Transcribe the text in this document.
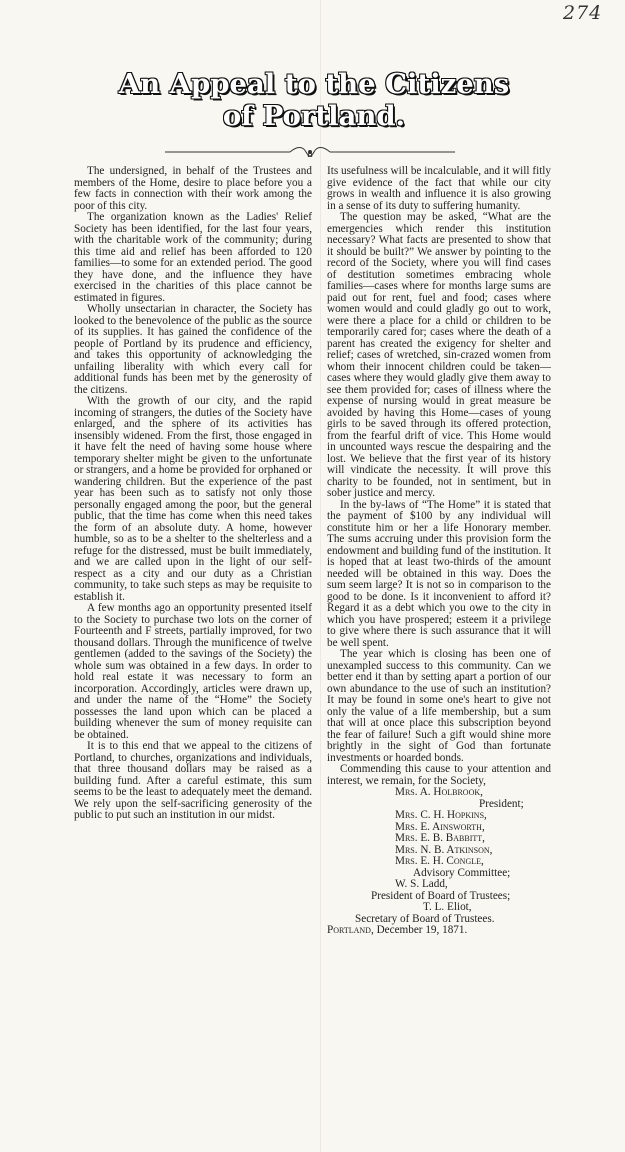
274
An Appeal to the Citizens
of Portland.

The undersigned, in behalf of the Trustees and members of the Home, desire to place before you a few facts in connection with their work among the poor of this city.

The organization known as the Ladies' Relief Society has been identified, for the last four years, with the charitable work of the community; during this time aid and relief has been afforded to 120 families—to some for an extended period. The good they have done, and the influence they have exercised in the charities of this place cannot be estimated in figures.

Wholly unsectarian in character, the Society has looked to the benevolence of the public as the source of its supplies. It has gained the confidence of the people of Portland by its prudence and efficiency, and takes this opportunity of acknowledging the unfailing liberality with which every call for additional funds has been met by the generosity of the citizens.

With the growth of our city, and the rapid incoming of strangers, the duties of the Society have enlarged, and the sphere of its activities has insensibly widened. From the first, those engaged in it have felt the need of having some house where temporary shelter might be given to the unfortunate or strangers, and a home be provided for orphaned or wandering children. But the experience of the past year has been such as to satisfy not only those personally engaged among the poor, but the general public, that the time has come when this need takes the form of an absolute duty. A home, however humble, so as to be a shelter to the shelterless and a refuge for the distressed, must be built immediately, and we are called upon in the light of our self-respect as a city and our duty as a Christian community, to take such steps as may be requisite to establish it.

A few months ago an opportunity presented itself to the Society to purchase two lots on the corner of Fourteenth and F streets, partially improved, for two thousand dollars. Through the munificence of twelve gentlemen (added to the savings of the Society) the whole sum was obtained in a few days. In order to hold real estate it was necessary to form an incorporation. Accordingly, articles were drawn up, and under the name of the “Home” the Society possesses the land upon which can be placed a building whenever the sum of money requisite can be obtained.

It is to this end that we appeal to the citizens of Portland, to churches, organizations and individuals, that three thousand dollars may be raised as a building fund. After a careful estimate, this sum seems to be the least to adequately meet the demand. We rely upon the self-sacrificing generosity of the public to put such an institution in our midst.

Its usefulness will be incalculable, and it will fitly give evidence of the fact that while our city grows in wealth and influence it is also growing in a sense of its duty to suffering humanity.

The question may be asked, “What are the emergencies which render this institution necessary? What facts are presented to show that it should be built?” We answer by pointing to the record of the Society, where you will find cases of destitution sometimes embracing whole families—cases where for months large sums are paid out for rent, fuel and food; cases where women would and could gladly go out to work, were there a place for a child or children to be temporarily cared for; cases where the death of a parent has created the exigency for shelter and relief; cases of wretched, sin-crazed women from whom their innocent children could be taken—cases where they would gladly give them away to see them provided for; cases of illness where the expense of nursing would in great measure be avoided by having this Home—cases of young girls to be saved through its offered protection, from the fearful drift of vice. This Home would in uncounted ways rescue the despairing and the lost. We believe that the first year of its history will vindicate the necessity. It will prove this charity to be founded, not in sentiment, but in sober justice and mercy.

In the by-laws of “The Home” it is stated that the payment of $100 by any individual will constitute him or her a life Honorary member. The sums accruing under this provision form the endowment and building fund of the institution. It is hoped that at least two-thirds of the amount needed will be obtained in this way. Does the sum seem large? It is not so in comparison to the good to be done. Is it inconvenient to afford it? Regard it as a debt which you owe to the city in which you have prospered; esteem it a privilege to give where there is such assurance that it will be well spent.

The year which is closing has been one of unexampled success to this community. Can we better end it than by setting apart a portion of our own abundance to the use of such an institution? It may be found in some one's heart to give not only the value of a life membership, but a sum that will at once place this subscription beyond the fear of failure! Such a gift would shine more brightly in the sight of God than fortunate investments or hoarded bonds.

Commending this cause to your attention and interest, we remain, for the Society,

Mrs. A. Holbrook,
President;
Mrs. C. H. Hopkins,
Mrs. E. Ainsworth,
Mrs. E. B. Babbitt,
Mrs. N. B. Atkinson,
Mrs. E. H. Congle,
Advisory Committee;
W. S. Ladd,
President of Board of Trustees;
T. L. Eliot,
Secretary of Board of Trustees.
Portland, December 19, 1871.
